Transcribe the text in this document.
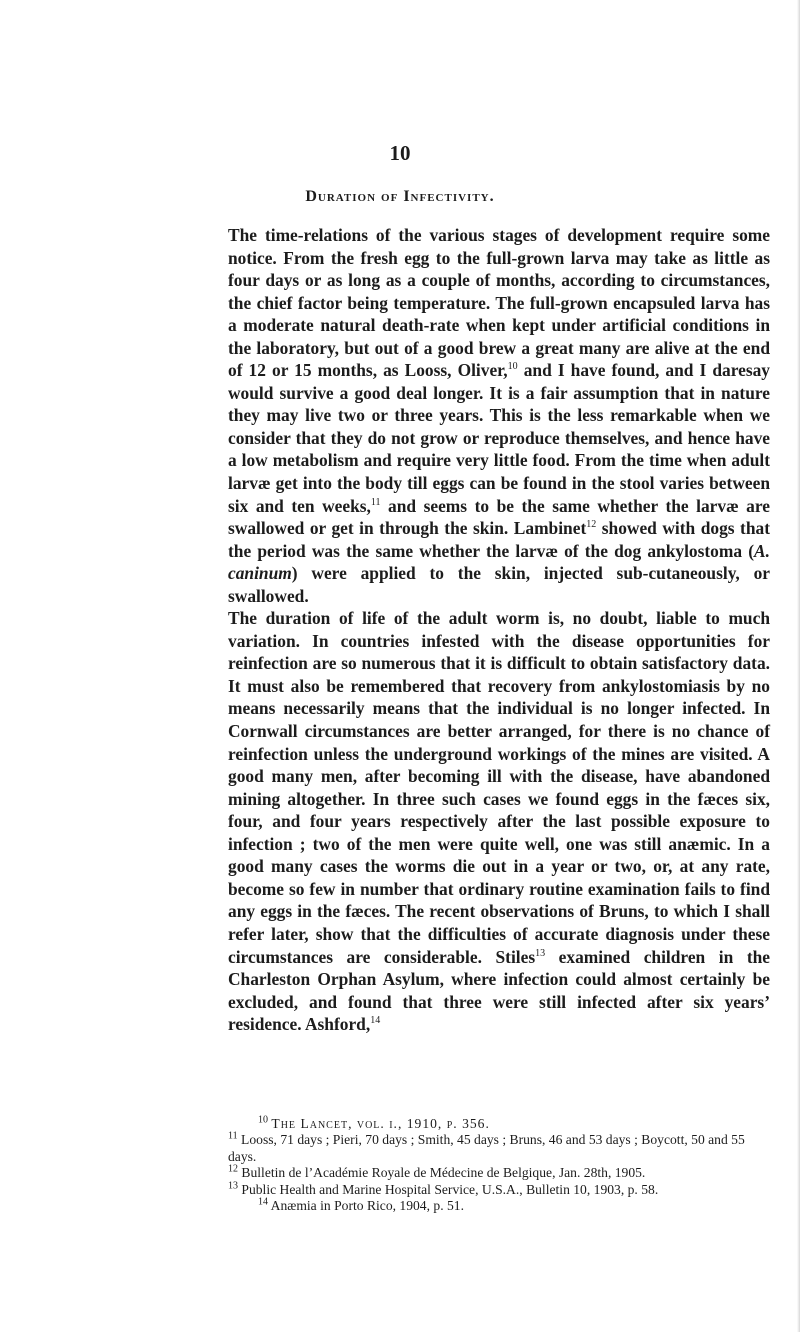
10
Duration of Infectivity.

The time-relations of the various stages of development require some notice. From the fresh egg to the full-grown larva may take as little as four days or as long as a couple of months, according to circumstances, the chief factor being temperature. The full-grown encapsuled larva has a moderate natural death-rate when kept under artificial conditions in the laboratory, but out of a good brew a great many are alive at the end of 12 or 15 months, as Looss, Oliver,$^{10}$ and I have found, and I daresay would survive a good deal longer. It is a fair assumption that in nature they may live two or three years. This is the less remarkable when we consider that they do not grow or reproduce themselves, and hence have a low metabolism and require very little food. From the time when adult larvæ get into the body till eggs can be found in the stool varies between six and ten weeks,$^{11}$ and seems to be the same whether the larvæ are swallowed or get in through the skin. Lambinet$^{12}$ showed with dogs that the period was the same whether the larvæ of the dog ankylostoma (A. caninum) were applied to the skin, injected sub-cutaneously, or swallowed.

The duration of life of the adult worm is, no doubt, liable to much variation. In countries infested with the disease opportunities for reinfection are so numerous that it is difficult to obtain satisfactory data. It must also be remembered that recovery from ankylostomiasis by no means necessarily means that the individual is no longer infected. In Cornwall circumstances are better arranged, for there is no chance of reinfection unless the underground workings of the mines are visited. A good many men, after becoming ill with the disease, have abandoned mining altogether. In three such cases we found eggs in the fæces six, four, and four years respectively after the last possible exposure to infection ; two of the men were quite well, one was still anæmic. In a good many cases the worms die out in a year or two, or, at any rate, become so few in number that ordinary routine examination fails to find any eggs in the fæces. The recent observations of Bruns, to which I shall refer later, show that the difficulties of accurate diagnosis under these circumstances are considerable. Stiles$^{13}$ examined children in the Charleston Orphan Asylum, where infection could almost certainly be excluded, and found that three were still infected after six years’ residence. Ashford,$^{14}$

$^{10}$ The Lancet, vol. i., 1910, p. 356.

$^{11}$ Looss, 71 days ; Pieri, 70 days ; Smith, 45 days ; Bruns, 46 and 53 days ; Boycott, 50 and 55 days.

$^{12}$ Bulletin de l’Académie Royale de Médecine de Belgique, Jan. 28th, 1905.

$^{13}$ Public Health and Marine Hospital Service, U.S.A., Bulletin 10, 1903, p. 58.

$^{14}$ Anæmia in Porto Rico, 1904, p. 51.
